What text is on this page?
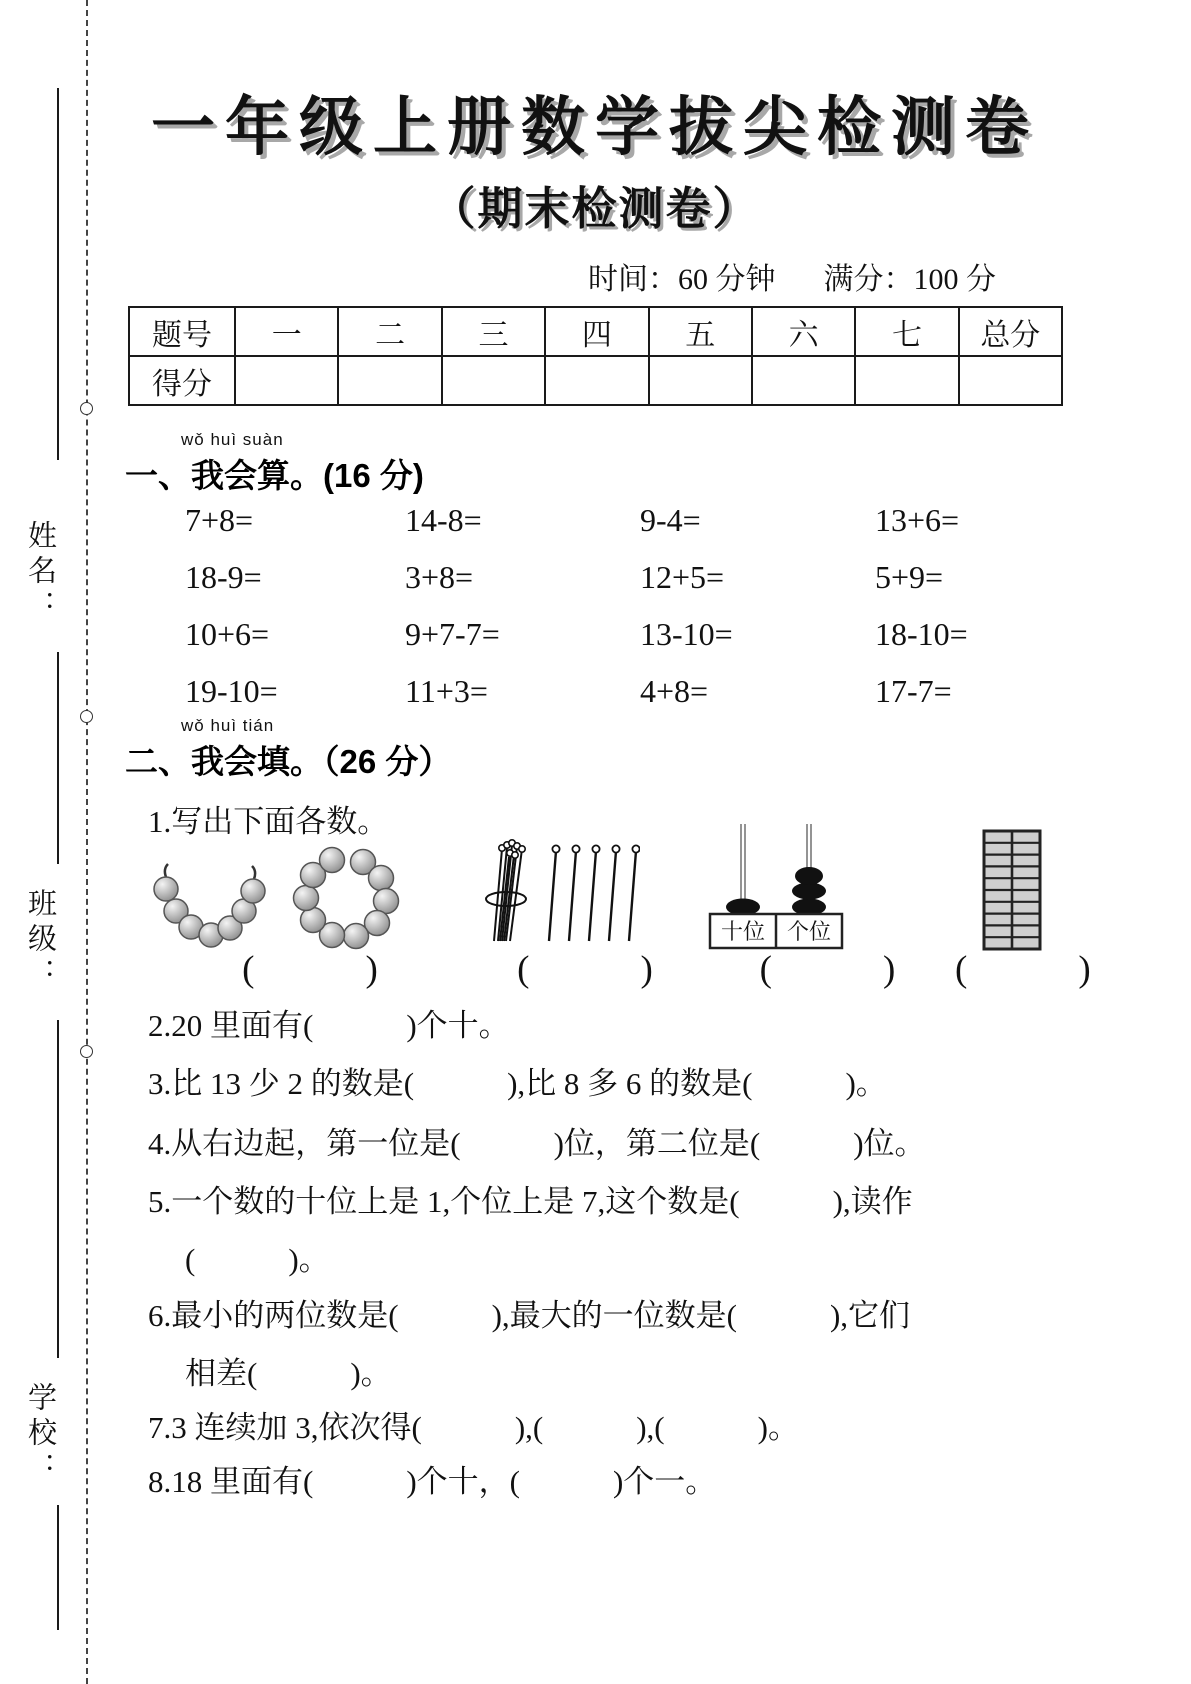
姓名：
班级：
学校：
一年级上册数学拔尖检测卷
（期末检测卷）
时间：60 分钟 满分：100 分
题号	一	二	三	四	五	六	七	总分
得分								
wǒ huì suàn
一、我会算。(16 分)
7+8=	14-8=	9-4=	13+6=
18-9=	3+8=	12+5=	5+9=
10+6=	9+7-7=	13-10=	18-10=
19-10=	11+3=	4+8=	17-7=
wǒ huì tián
二、我会填。（26 分）
1.写出下面各数。
十位 个位
(　　　)	(　　　)	(　　　)	(　　　)
2.20 里面有(　　　)个十。
3.比 13 少 2 的数是(　　　),比 8 多 6 的数是(　　　)。
4.从右边起，第一位是(　　　)位，第二位是(　　　)位。
5.一个数的十位上是 1,个位上是 7,这个数是(　　　),读作
(　　　)。
6.最小的两位数是(　　　),最大的一位数是(　　　),它们
相差(　　　)。
7.3 连续加 3,依次得(　　　),(　　　),(　　　)。
8.18 里面有(　　　)个十，(　　　)个一。
